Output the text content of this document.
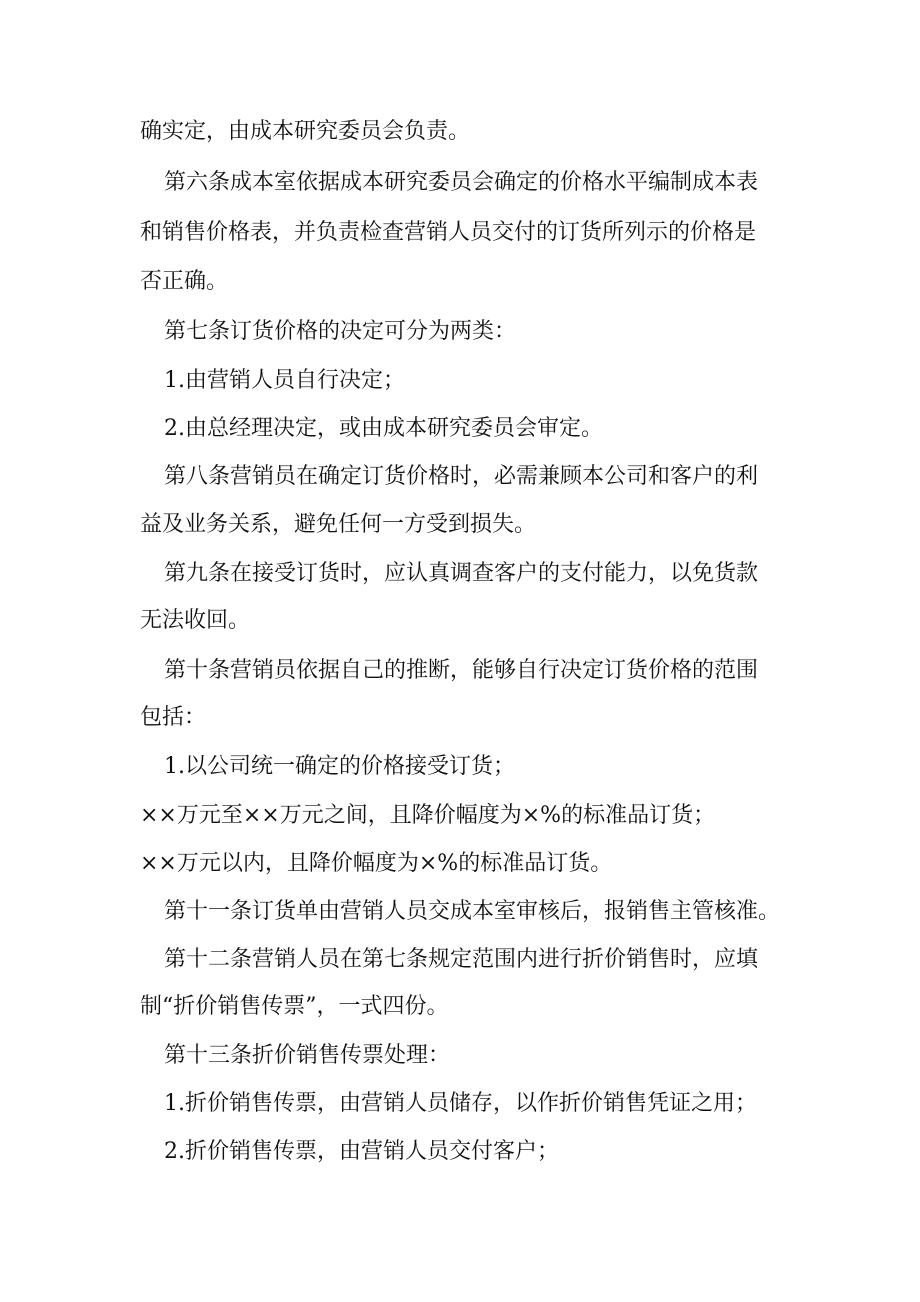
确实定，由成本研究委员会负责。
第六条成本室依据成本研究委员会确定的价格水平编制成本表
和销售价格表，并负责检查营销人员交付的订货所列示的价格是
否正确。
第七条订货价格的决定可分为两类：
1.由营销人员自行决定；
2.由总经理决定，或由成本研究委员会审定。
第八条营销员在确定订货价格时，必需兼顾本公司和客户的利
益及业务关系，避免任何一方受到损失。
第九条在接受订货时，应认真调查客户的支付能力，以免货款
无法收回。
第十条营销员依据自己的推断，能够自行决定订货价格的范围
包括：
1.以公司统一确定的价格接受订货；
××万元至××万元之间，且降价幅度为×%的标准品订货；
××万元以内，且降价幅度为×%的标准品订货。
第十一条订货单由营销人员交成本室审核后，报销售主管核准。
第十二条营销人员在第七条规定范围内进行折价销售时，应填
制“折价销售传票”，一式四份。
第十三条折价销售传票处理：
1.折价销售传票，由营销人员储存，以作折价销售凭证之用；
2.折价销售传票，由营销人员交付客户；
